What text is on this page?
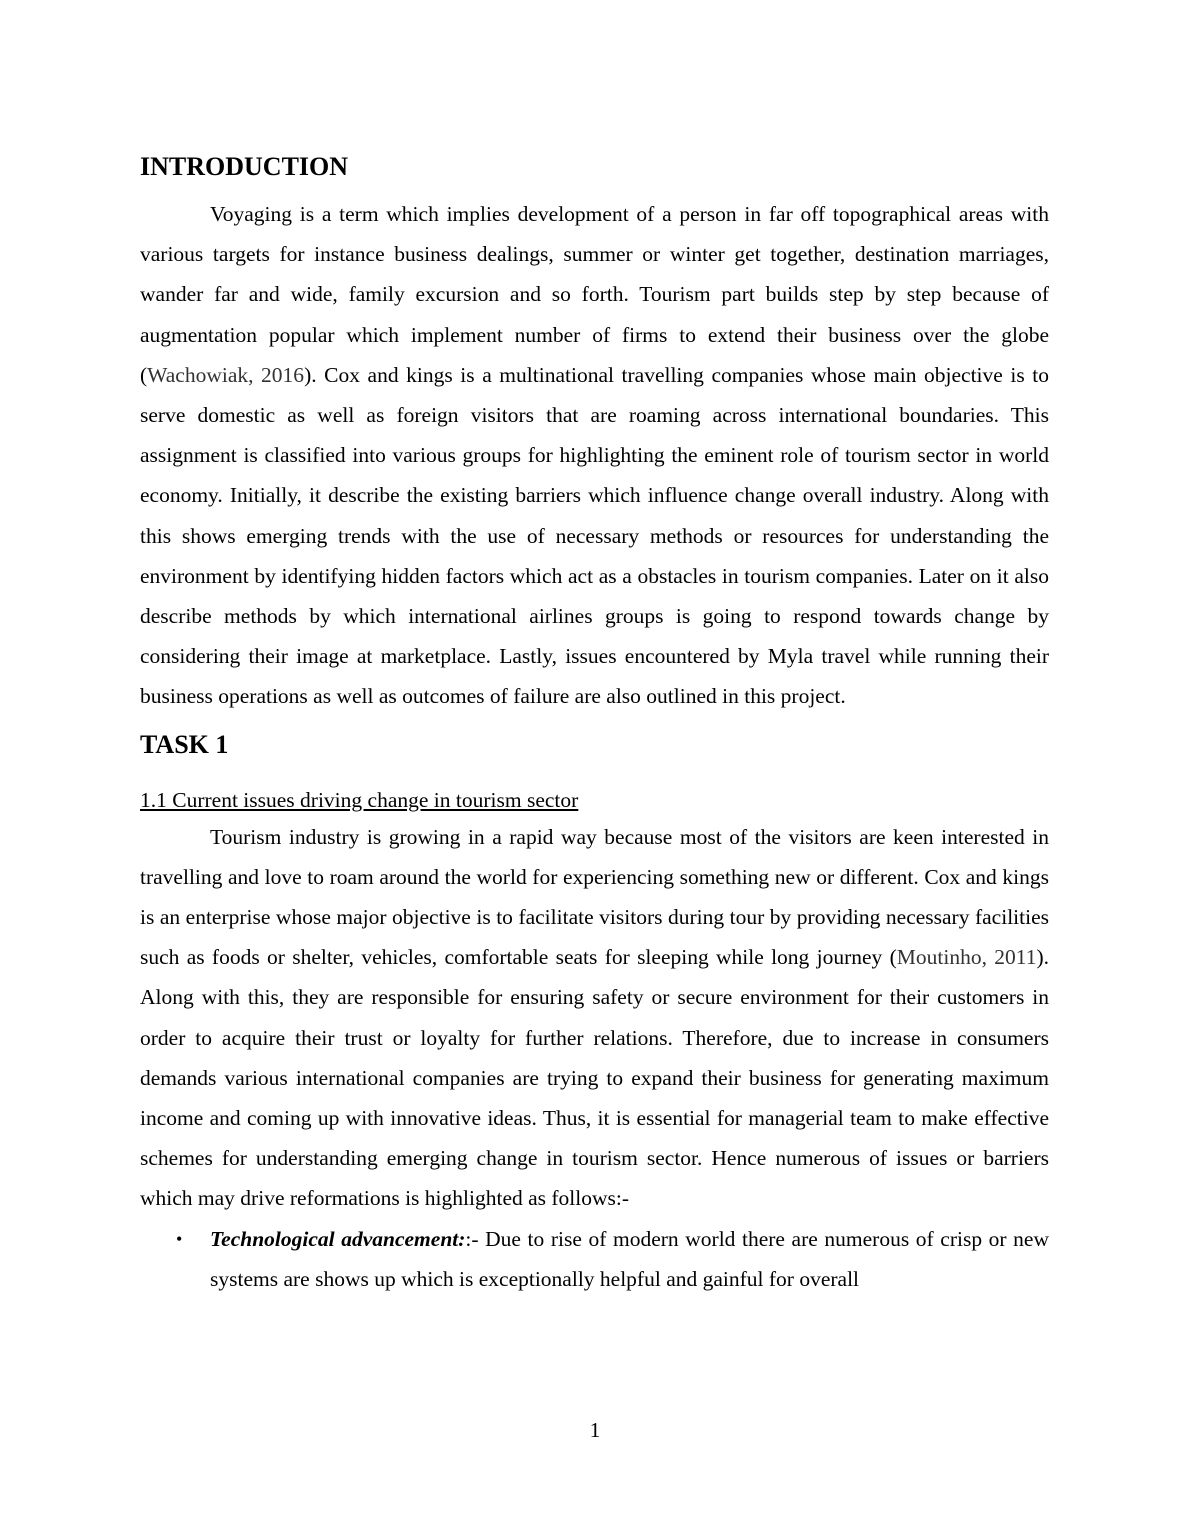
INTRODUCTION

Voyaging is a term which implies development of a person in far off topographical areas with various targets for instance business dealings, summer or winter get together, destination marriages, wander far and wide, family excursion and so forth. Tourism part builds step by step because of augmentation popular which implement number of firms to extend their business over the globe (Wachowiak, 2016). Cox and kings is a multinational travelling companies whose main objective is to serve domestic as well as foreign visitors that are roaming across international boundaries. This assignment is classified into various groups for highlighting the eminent role of tourism sector in world economy. Initially, it describe the existing barriers which influence change overall industry. Along with this shows emerging trends with the use of necessary methods or resources for understanding the environment by identifying hidden factors which act as a obstacles in tourism companies. Later on it also describe methods by which international airlines groups is going to respond towards change by considering their image at marketplace. Lastly, issues encountered by Myla travel while running their business operations as well as outcomes of failure are also outlined in this project.

TASK 1
1.1 Current issues driving change in tourism sector

Tourism industry is growing in a rapid way because most of the visitors are keen interested in travelling and love to roam around the world for experiencing something new or different. Cox and kings is an enterprise whose major objective is to facilitate visitors during tour by providing necessary facilities such as foods or shelter, vehicles, comfortable seats for sleeping while long journey (Moutinho, 2011). Along with this, they are responsible for ensuring safety or secure environment for their customers in order to acquire their trust or loyalty for further relations. Therefore, due to increase in consumers demands various international companies are trying to expand their business for generating maximum income and coming up with innovative ideas. Thus, it is essential for managerial team to make effective schemes for understanding emerging change in tourism sector. Hence numerous of issues or barriers which may drive reformations is highlighted as follows:-

• Technological advancement::- Due to rise of modern world there are numerous of crisp or new systems are shows up which is exceptionally helpful and gainful for overall
1
